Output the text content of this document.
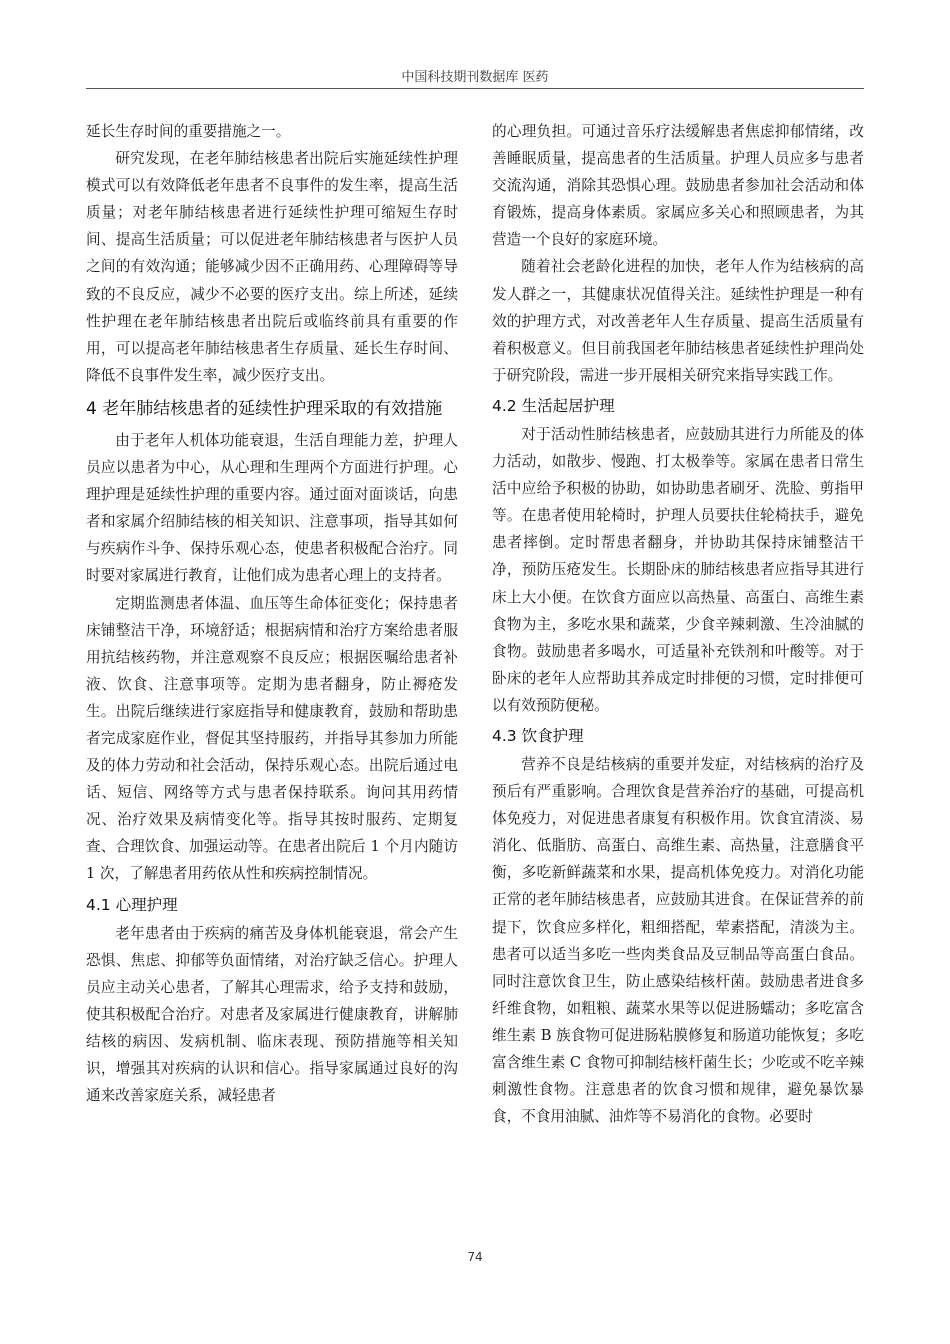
中国科技期刊数据库 医药

延长生存时间的重要措施之一。

研究发现，在老年肺结核患者出院后实施延续性护理模式可以有效降低老年患者不良事件的发生率，提高生活质量；对老年肺结核患者进行延续性护理可缩短生存时间、提高生活质量；可以促进老年肺结核患者与医护人员之间的有效沟通；能够减少因不正确用药、心理障碍等导致的不良反应，减少不必要的医疗支出。综上所述，延续性护理在老年肺结核患者出院后或临终前具有重要的作用，可以提高老年肺结核患者生存质量、延长生存时间、降低不良事件发生率，减少医疗支出。

4 老年肺结核患者的延续性护理采取的有效措施

由于老年人机体功能衰退，生活自理能力差，护理人员应以患者为中心，从心理和生理两个方面进行护理。心理护理是延续性护理的重要内容。通过面对面谈话，向患者和家属介绍肺结核的相关知识、注意事项，指导其如何与疾病作斗争、保持乐观心态，使患者积极配合治疗。同时要对家属进行教育，让他们成为患者心理上的支持者。

定期监测患者体温、血压等生命体征变化；保持患者床铺整洁干净，环境舒适；根据病情和治疗方案给患者服用抗结核药物，并注意观察不良反应；根据医嘱给患者补液、饮食、注意事项等。定期为患者翻身，防止褥疮发生。出院后继续进行家庭指导和健康教育，鼓励和帮助患者完成家庭作业，督促其坚持服药，并指导其参加力所能及的体力劳动和社会活动，保持乐观心态。出院后通过电话、短信、网络等方式与患者保持联系。询问其用药情况、治疗效果及病情变化等。指导其按时服药、定期复查、合理饮食、加强运动等。在患者出院后 1 个月内随访 1 次，了解患者用药依从性和疾病控制情况。

4.1 心理护理

老年患者由于疾病的痛苦及身体机能衰退，常会产生恐惧、焦虑、抑郁等负面情绪，对治疗缺乏信心。护理人员应主动关心患者，了解其心理需求，给予支持和鼓励，使其积极配合治疗。对患者及家属进行健康教育，讲解肺结核的病因、发病机制、临床表现、预防措施等相关知识，增强其对疾病的认识和信心。指导家属通过良好的沟通来改善家庭关系，减轻患者

的心理负担。可通过音乐疗法缓解患者焦虑抑郁情绪，改善睡眠质量，提高患者的生活质量。护理人员应多与患者交流沟通，消除其恐惧心理。鼓励患者参加社会活动和体育锻炼，提高身体素质。家属应多关心和照顾患者，为其营造一个良好的家庭环境。

随着社会老龄化进程的加快，老年人作为结核病的高发人群之一，其健康状况值得关注。延续性护理是一种有效的护理方式，对改善老年人生存质量、提高生活质量有着积极意义。但目前我国老年肺结核患者延续性护理尚处于研究阶段，需进一步开展相关研究来指导实践工作。

4.2 生活起居护理

对于活动性肺结核患者，应鼓励其进行力所能及的体力活动，如散步、慢跑、打太极拳等。家属在患者日常生活中应给予积极的协助，如协助患者刷牙、洗脸、剪指甲等。在患者使用轮椅时，护理人员要扶住轮椅扶手，避免患者摔倒。定时帮患者翻身，并协助其保持床铺整洁干净，预防压疮发生。长期卧床的肺结核患者应指导其进行床上大小便。在饮食方面应以高热量、高蛋白、高维生素食物为主，多吃水果和蔬菜，少食辛辣刺激、生冷油腻的食物。鼓励患者多喝水，可适量补充铁剂和叶酸等。对于卧床的老年人应帮助其养成定时排便的习惯，定时排便可以有效预防便秘。

4.3 饮食护理

营养不良是结核病的重要并发症，对结核病的治疗及预后有严重影响。合理饮食是营养治疗的基础，可提高机体免疫力，对促进患者康复有积极作用。饮食宜清淡、易消化、低脂肪、高蛋白、高维生素、高热量，注意膳食平衡，多吃新鲜蔬菜和水果，提高机体免疫力。对消化功能正常的老年肺结核患者，应鼓励其进食。在保证营养的前提下，饮食应多样化，粗细搭配，荤素搭配，清淡为主。患者可以适当多吃一些肉类食品及豆制品等高蛋白食品。同时注意饮食卫生，防止感染结核杆菌。鼓励患者进食多纤维食物，如粗粮、蔬菜水果等以促进肠蠕动；多吃富含维生素 B 族食物可促进肠粘膜修复和肠道功能恢复；多吃富含维生素 C 食物可抑制结核杆菌生长；少吃或不吃辛辣刺激性食物。注意患者的饮食习惯和规律，避免暴饮暴食，不食用油腻、油炸等不易消化的食物。必要时

74
